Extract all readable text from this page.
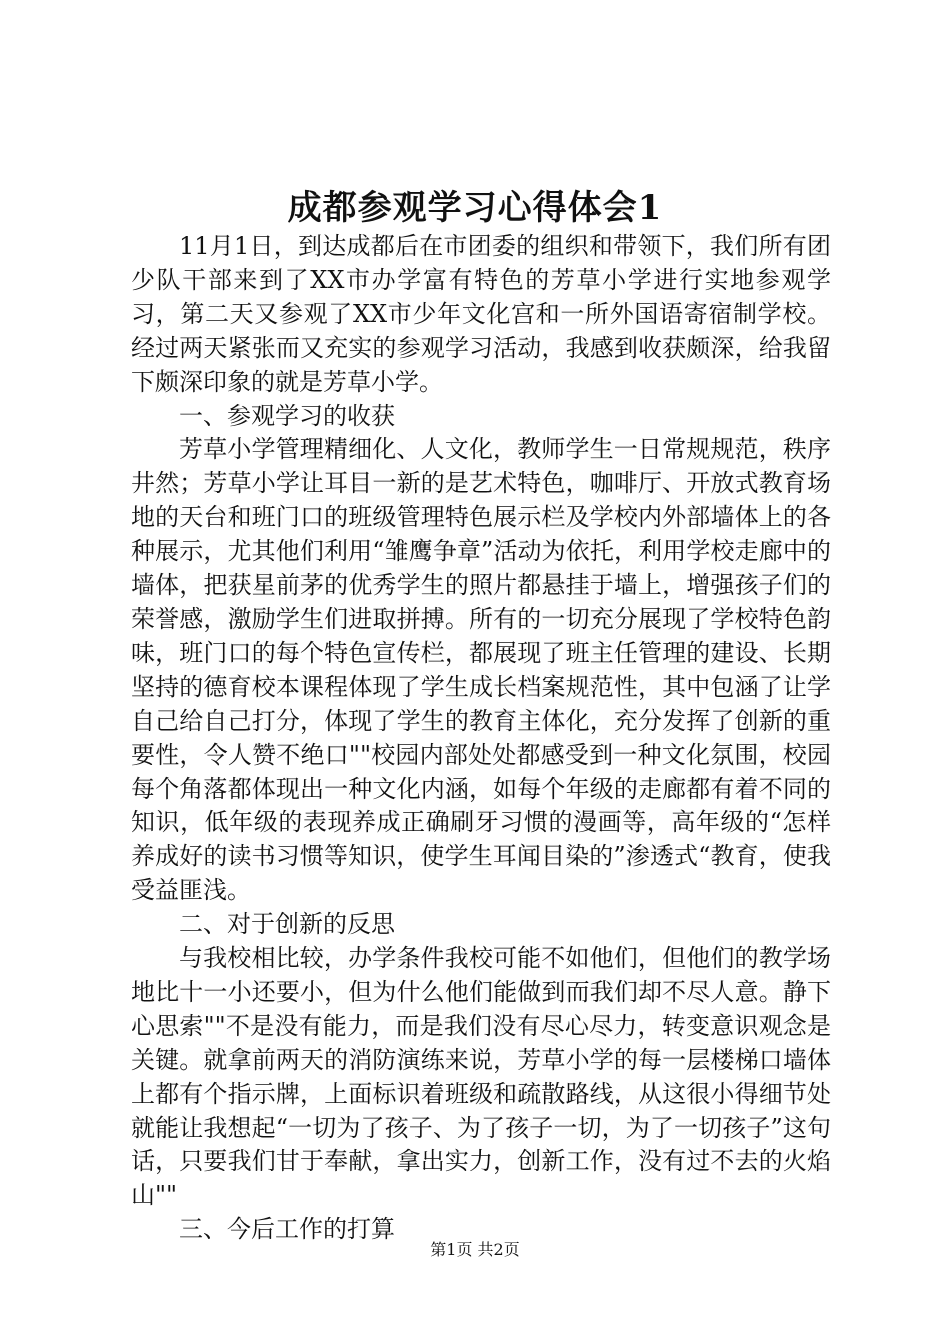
成都参观学习心得体会1

11月1日，到达成都后在市团委的组织和带领下，我们所有团少队干部来到了XX市办学富有特色的芳草小学进行实地参观学习，第二天又参观了XX市少年文化宫和一所外国语寄宿制学校。经过两天紧张而又充实的参观学习活动，我感到收获颇深，给我留下颇深印象的就是芳草小学。

一、参观学习的收获

芳草小学管理精细化、人文化，教师学生一日常规规范，秩序井然；芳草小学让耳目一新的是艺术特色，咖啡厅、开放式教育场地的天台和班门口的班级管理特色展示栏及学校内外部墙体上的各种展示，尤其他们利用“雏鹰争章”活动为依托，利用学校走廊中的墙体，把获星前茅的优秀学生的照片都悬挂于墙上，增强孩子们的荣誉感，激励学生们进取拼搏。所有的一切充分展现了学校特色韵味，班门口的每个特色宣传栏，都展现了班主任管理的建设、长期坚持的德育校本课程体现了学生成长档案规范性，其中包涵了让学自己给自己打分，体现了学生的教育主体化，充分发挥了创新的重要性，令人赞不绝口""校园内部处处都感受到一种文化氛围，校园每个角落都体现出一种文化内涵，如每个年级的走廊都有着不同的知识，低年级的表现养成正确刷牙习惯的漫画等，高年级的“怎样养成好的读书习惯等知识，使学生耳闻目染的”渗透式“教育，使我受益匪浅。

二、对于创新的反思

与我校相比较，办学条件我校可能不如他们，但他们的教学场地比十一小还要小，但为什么他们能做到而我们却不尽人意。静下心思索""不是没有能力，而是我们没有尽心尽力，转变意识观念是关键。就拿前两天的消防演练来说，芳草小学的每一层楼梯口墙体上都有个指示牌，上面标识着班级和疏散路线，从这很小得细节处就能让我想起“一切为了孩子、为了孩子一切，为了一切孩子”这句话，只要我们甘于奉献，拿出实力，创新工作，没有过不去的火焰山""

三、今后工作的打算

第1页 共2页
